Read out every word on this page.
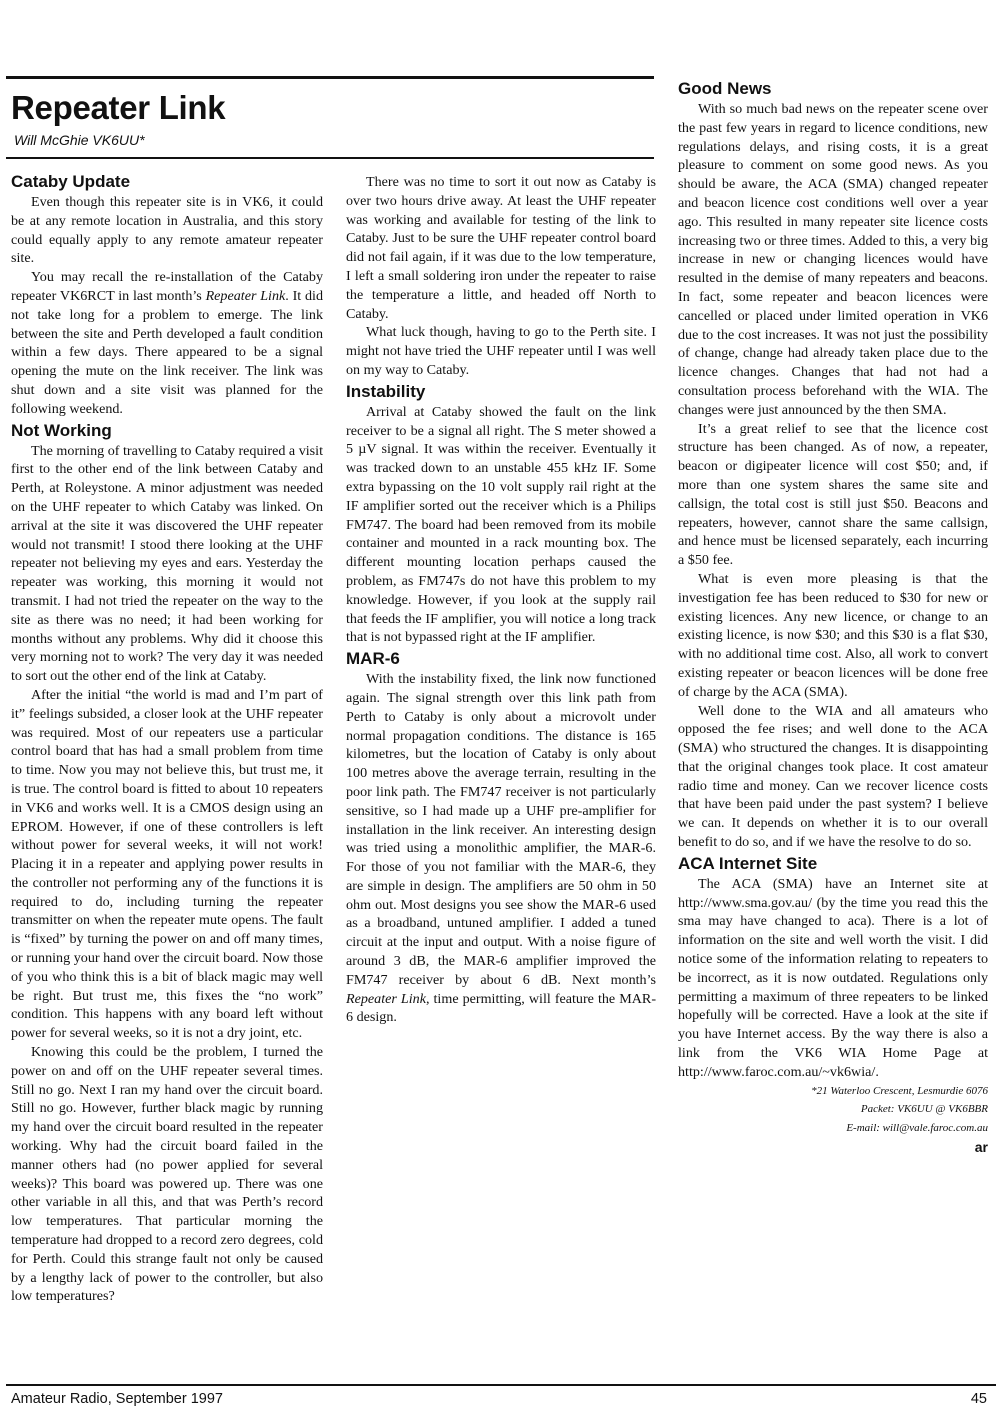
Repeater Link
Will McGhie VK6UU*
Cataby Update

Even though this repeater site is in VK6, it could be at any remote location in Australia, and this story could equally apply to any remote amateur repeater site.

You may recall the re-installation of the Cataby repeater VK6RCT in last month’s Repeater Link. It did not take long for a problem to emerge. The link between the site and Perth developed a fault condition within a few days. There appeared to be a signal opening the mute on the link receiver. The link was shut down and a site visit was planned for the following weekend.

Not Working

The morning of travelling to Cataby required a visit first to the other end of the link between Cataby and Perth, at Roleystone. A minor adjustment was needed on the UHF repeater to which Cataby was linked. On arrival at the site it was discovered the UHF repeater would not transmit! I stood there looking at the UHF repeater not believing my eyes and ears. Yesterday the repeater was working, this morning it would not transmit. I had not tried the repeater on the way to the site as there was no need; it had been working for months without any problems. Why did it choose this very morning not to work? The very day it was needed to sort out the other end of the link at Cataby.

After the initial “the world is mad and I’m part of it” feelings subsided, a closer look at the UHF repeater was required. Most of our repeaters use a particular control board that has had a small problem from time to time. Now you may not believe this, but trust me, it is true. The control board is fitted to about 10 repeaters in VK6 and works well. It is a CMOS design using an EPROM. However, if one of these controllers is left without power for several weeks, it will not work! Placing it in a repeater and applying power results in the controller not performing any of the functions it is required to do, including turning the repeater transmitter on when the repeater mute opens. The fault is “fixed” by turning the power on and off many times, or running your hand over the circuit board. Now those of you who think this is a bit of black magic may well be right. But trust me, this fixes the “no work” condition. This happens with any board left without power for several weeks, so it is not a dry joint, etc.

Knowing this could be the problem, I turned the power on and off on the UHF repeater several times. Still no go. Next I ran my hand over the circuit board. Still no go. However, further black magic by running my hand over the circuit board resulted in the repeater working. Why had the circuit board failed in the manner others had (no power applied for several weeks)? This board was powered up. There was one other variable in all this, and that was Perth’s record low temperatures. That particular morning the temperature had dropped to a record zero degrees, cold for Perth. Could this strange fault not only be caused by a lengthy lack of power to the controller, but also low temperatures?

There was no time to sort it out now as Cataby is over two hours drive away. At least the UHF repeater was working and available for testing of the link to Cataby. Just to be sure the UHF repeater control board did not fail again, if it was due to the low temperature, I left a small soldering iron under the repeater to raise the temperature a little, and headed off North to Cataby.

What luck though, having to go to the Perth site. I might not have tried the UHF repeater until I was well on my way to Cataby.

Instability

Arrival at Cataby showed the fault on the link receiver to be a signal all right. The S meter showed a 5 µV signal. It was within the receiver. Eventually it was tracked down to an unstable 455 kHz IF. Some extra bypassing on the 10 volt supply rail right at the IF amplifier sorted out the receiver which is a Philips FM747. The board had been removed from its mobile container and mounted in a rack mounting box. The different mounting location perhaps caused the problem, as FM747s do not have this problem to my knowledge. However, if you look at the supply rail that feeds the IF amplifier, you will notice a long track that is not bypassed right at the IF amplifier.

MAR-6

With the instability fixed, the link now functioned again. The signal strength over this link path from Perth to Cataby is only about a microvolt under normal propagation conditions. The distance is 165 kilometres, but the location of Cataby is only about 100 metres above the average terrain, resulting in the poor link path. The FM747 receiver is not particularly sensitive, so I had made up a UHF pre-amplifier for installation in the link receiver. An interesting design was tried using a monolithic amplifier, the MAR-6. For those of you not familiar with the MAR-6, they are simple in design. The amplifiers are 50 ohm in 50 ohm out. Most designs you see show the MAR-6 used as a broadband, untuned amplifier. I added a tuned circuit at the input and output. With a noise figure of around 3 dB, the MAR-6 amplifier improved the FM747 receiver by about 6 dB. Next month’s Repeater Link, time permitting, will feature the MAR-6 design.

Good News

With so much bad news on the repeater scene over the past few years in regard to licence conditions, new regulations delays, and rising costs, it is a great pleasure to comment on some good news. As you should be aware, the ACA (SMA) changed repeater and beacon licence cost conditions well over a year ago. This resulted in many repeater site licence costs increasing two or three times. Added to this, a very big increase in new or changing licences would have resulted in the demise of many repeaters and beacons. In fact, some repeater and beacon licences were cancelled or placed under limited operation in VK6 due to the cost increases. It was not just the possibility of change, change had already taken place due to the licence changes. Changes that had not had a consultation process beforehand with the WIA. The changes were just announced by the then SMA.

It’s a great relief to see that the licence cost structure has been changed. As of now, a repeater, beacon or digipeater licence will cost $50; and, if more than one system shares the same site and callsign, the total cost is still just $50. Beacons and repeaters, however, cannot share the same callsign, and hence must be licensed separately, each incurring a $50 fee.

What is even more pleasing is that the investigation fee has been reduced to $30 for new or existing licences. Any new licence, or change to an existing licence, is now $30; and this $30 is a flat $30, with no additional time cost. Also, all work to convert existing repeater or beacon licences will be done free of charge by the ACA (SMA).

Well done to the WIA and all amateurs who opposed the fee rises; and well done to the ACA (SMA) who structured the changes. It is disappointing that the original changes took place. It cost amateur radio time and money. Can we recover licence costs that have been paid under the past system? I believe we can. It depends on whether it is to our overall benefit to do so, and if we have the resolve to do so.

ACA Internet Site

The ACA (SMA) have an Internet site at http://www.sma.gov.au/ (by the time you read this the sma may have changed to aca). There is a lot of information on the site and well worth the visit. I did notice some of the information relating to repeaters to be incorrect, as it is now outdated. Regulations only permitting a maximum of three repeaters to be linked hopefully will be corrected. Have a look at the site if you have Internet access. By the way there is also a link from the VK6 WIA Home Page at http://www.faroc.com.au/~vk6wia/.

*21 Waterloo Crescent, Lesmurdie 6076

Packet: VK6UU @ VK6BBR

E-mail: will@vale.faroc.com.au

ar

Amateur Radio, September 1997	45
